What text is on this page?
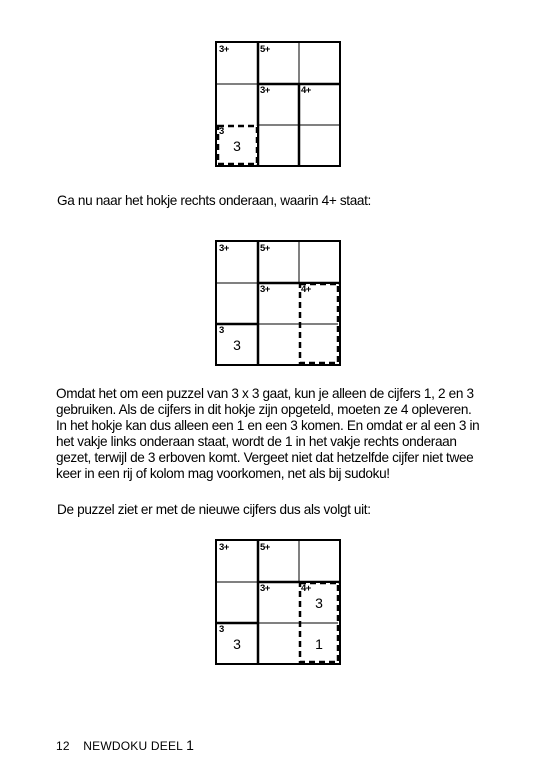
3+	5+
3+	4+
3
3

Ga nu naar het hokje rechts onderaan, waarin 4+ staat:

3+	5+
3+	4+
3
3

Omdat het om een puzzel van 3 x 3 gaat, kun je alleen de cijfers 1, 2 en 3

gebruiken. Als de cijfers in dit hokje zijn opgeteld, moeten ze 4 opleveren.

In het hokje kan dus alleen een 1 en een 3 komen. En omdat er al een 3 in

het vakje links onderaan staat, wordt de 1 in het vakje rechts onderaan

gezet, terwijl de 3 erboven komt. Vergeet niet dat hetzelfde cijfer niet twee

keer in een rij of kolom mag voorkomen, net als bij sudoku!

De puzzel ziet er met de nieuwe cijfers dus als volgt uit:

3+	5+
3+	4+
3
3
3	1
12 NEWDOKU DEEL 1
